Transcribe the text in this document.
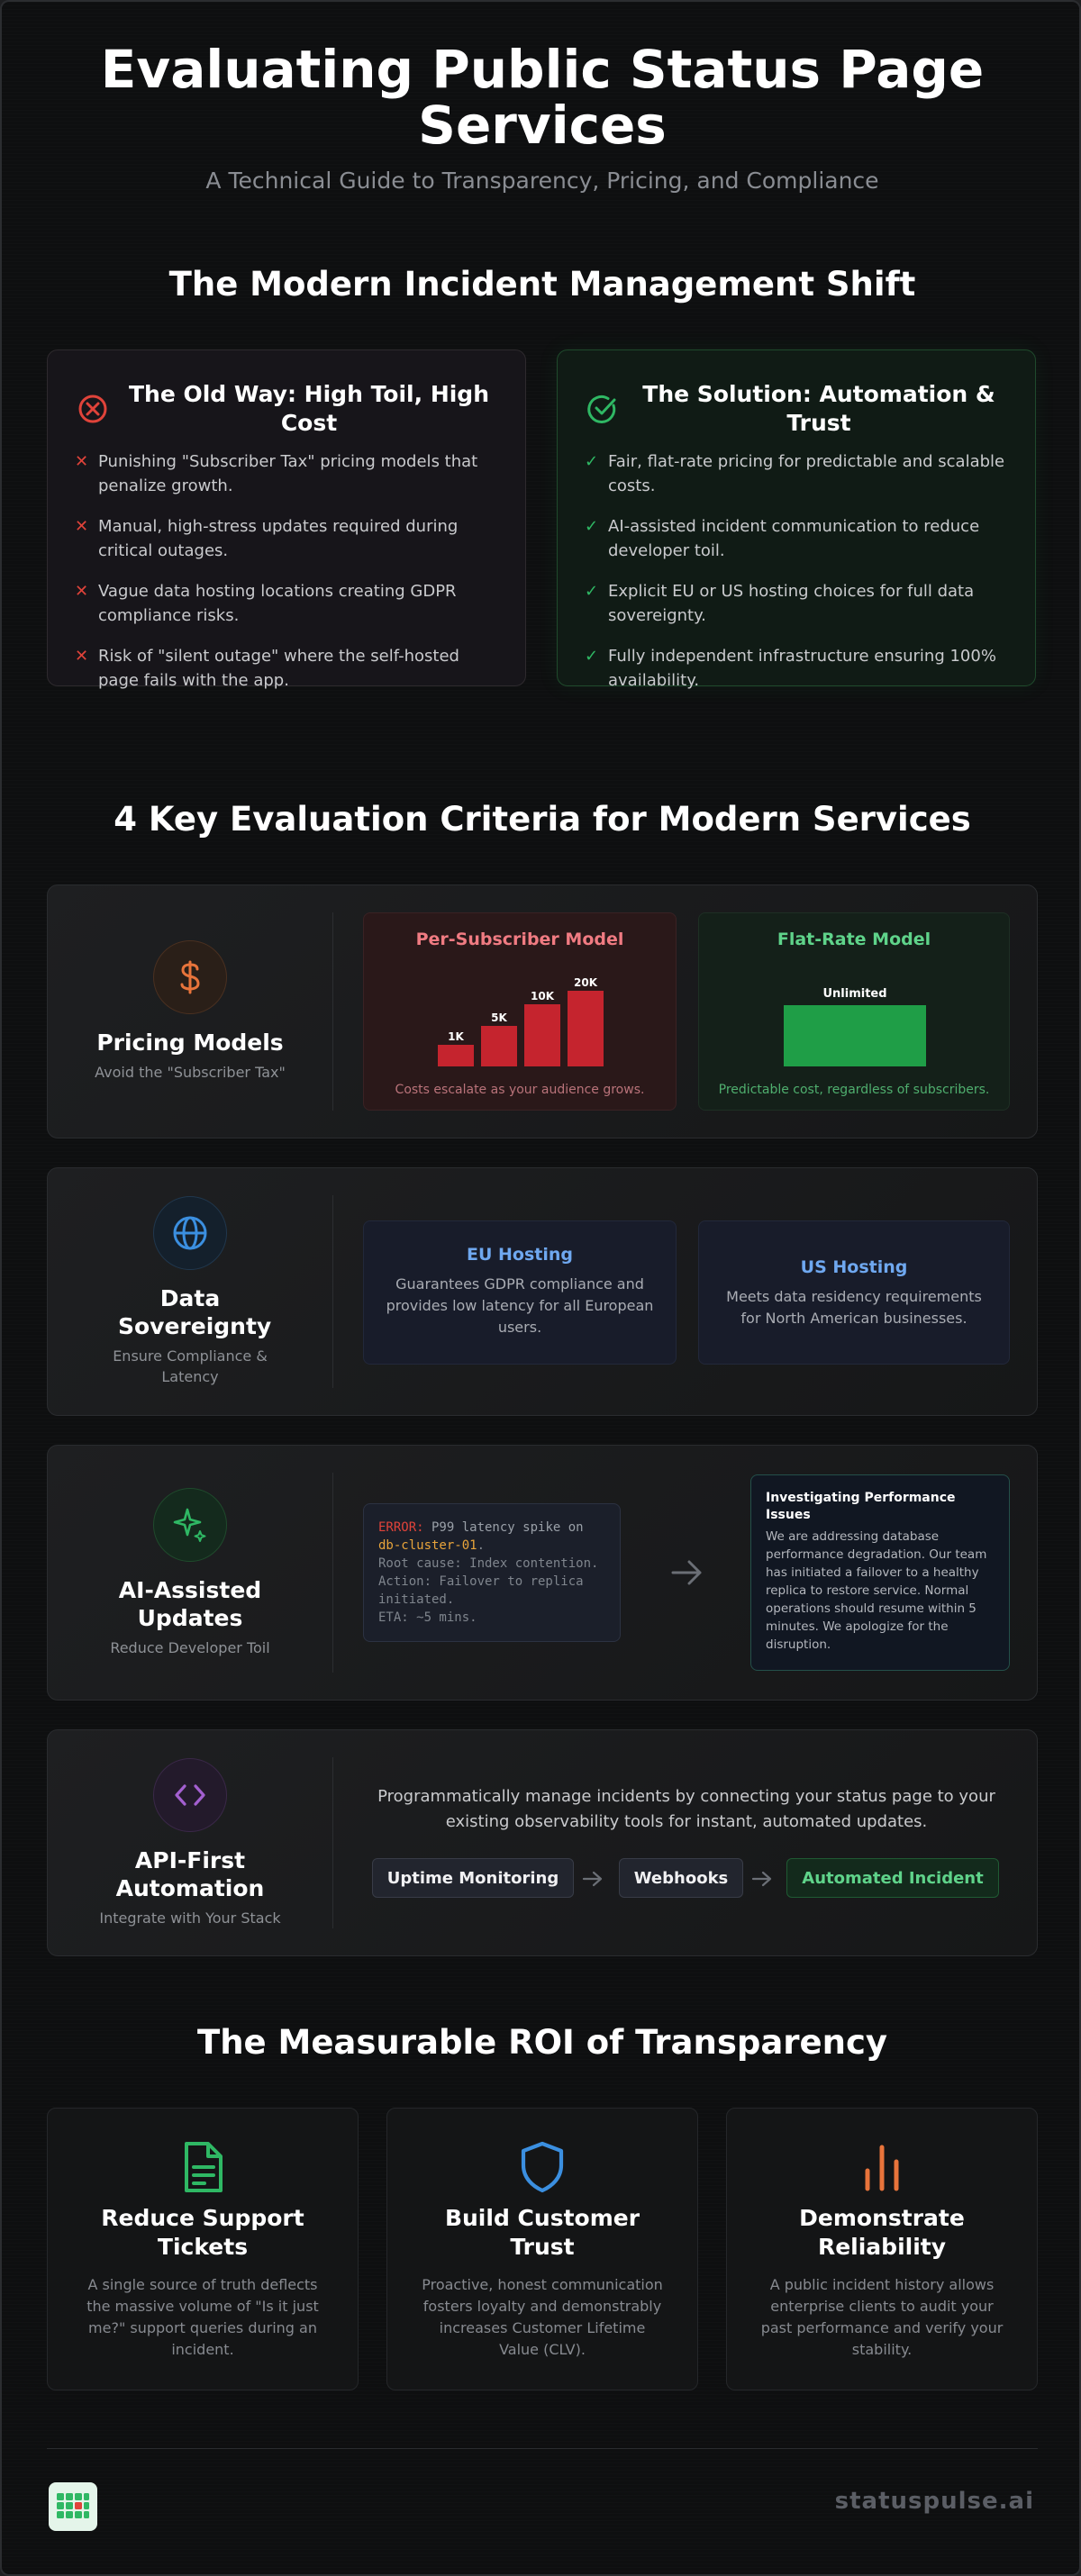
Evaluating Public Status Page Services
A Technical Guide to Transparency, Pricing, and Compliance
The Modern Incident Management Shift
The Old Way: High Toil, High Cost
✕ Punishing "Subscriber Tax" pricing models that penalize growth.
✕ Manual, high-stress updates required during critical outages.
✕ Vague data hosting locations creating GDPR compliance risks.
✕ Risk of "silent outage" where the self-hosted page fails with the app.
The Solution: Automation & Trust
✓ Fair, flat-rate pricing for predictable and scalable costs.
✓ AI-assisted incident communication to reduce developer toil.
✓ Explicit EU or US hosting choices for full data sovereignty.
✓ Fully independent infrastructure ensuring 100% availability.
4 Key Evaluation Criteria for Modern Services
Pricing Models
Avoid the "Subscriber Tax"
Per-Subscriber Model
1K
5K
10K
20K
Costs escalate as your audience grows.
Flat-Rate Model
Unlimited
Predictable cost, regardless of subscribers.
Data Sovereignty
Ensure Compliance & Latency
EU Hosting
Guarantees GDPR compliance and provides low latency for all European users.
US Hosting
Meets data residency requirements for North American businesses.
AI-Assisted Updates
Reduce Developer Toil
ERROR: P99 latency spike on
db-cluster-01.
Root cause: Index contention.
Action: Failover to replica
initiated.
ETA: ~5 mins.
Investigating Performance Issues
We are addressing database performance degradation. Our team has initiated a failover to a healthy replica to restore service. Normal operations should resume within 5 minutes. We apologize for the disruption.
API-First Automation
Integrate with Your Stack
Programmatically manage incidents by connecting your status page to your existing observability tools for instant, automated updates.
Uptime Monitoring	Webhooks	Automated Incident
The Measurable ROI of Transparency
Reduce Support Tickets
A single source of truth deflects the massive volume of "Is it just me?" support queries during an incident.
Build Customer Trust
Proactive, honest communication fosters loyalty and demonstrably increases Customer Lifetime Value (CLV).
Demonstrate Reliability
A public incident history allows enterprise clients to audit your past performance and verify your stability.
statuspulse.ai
